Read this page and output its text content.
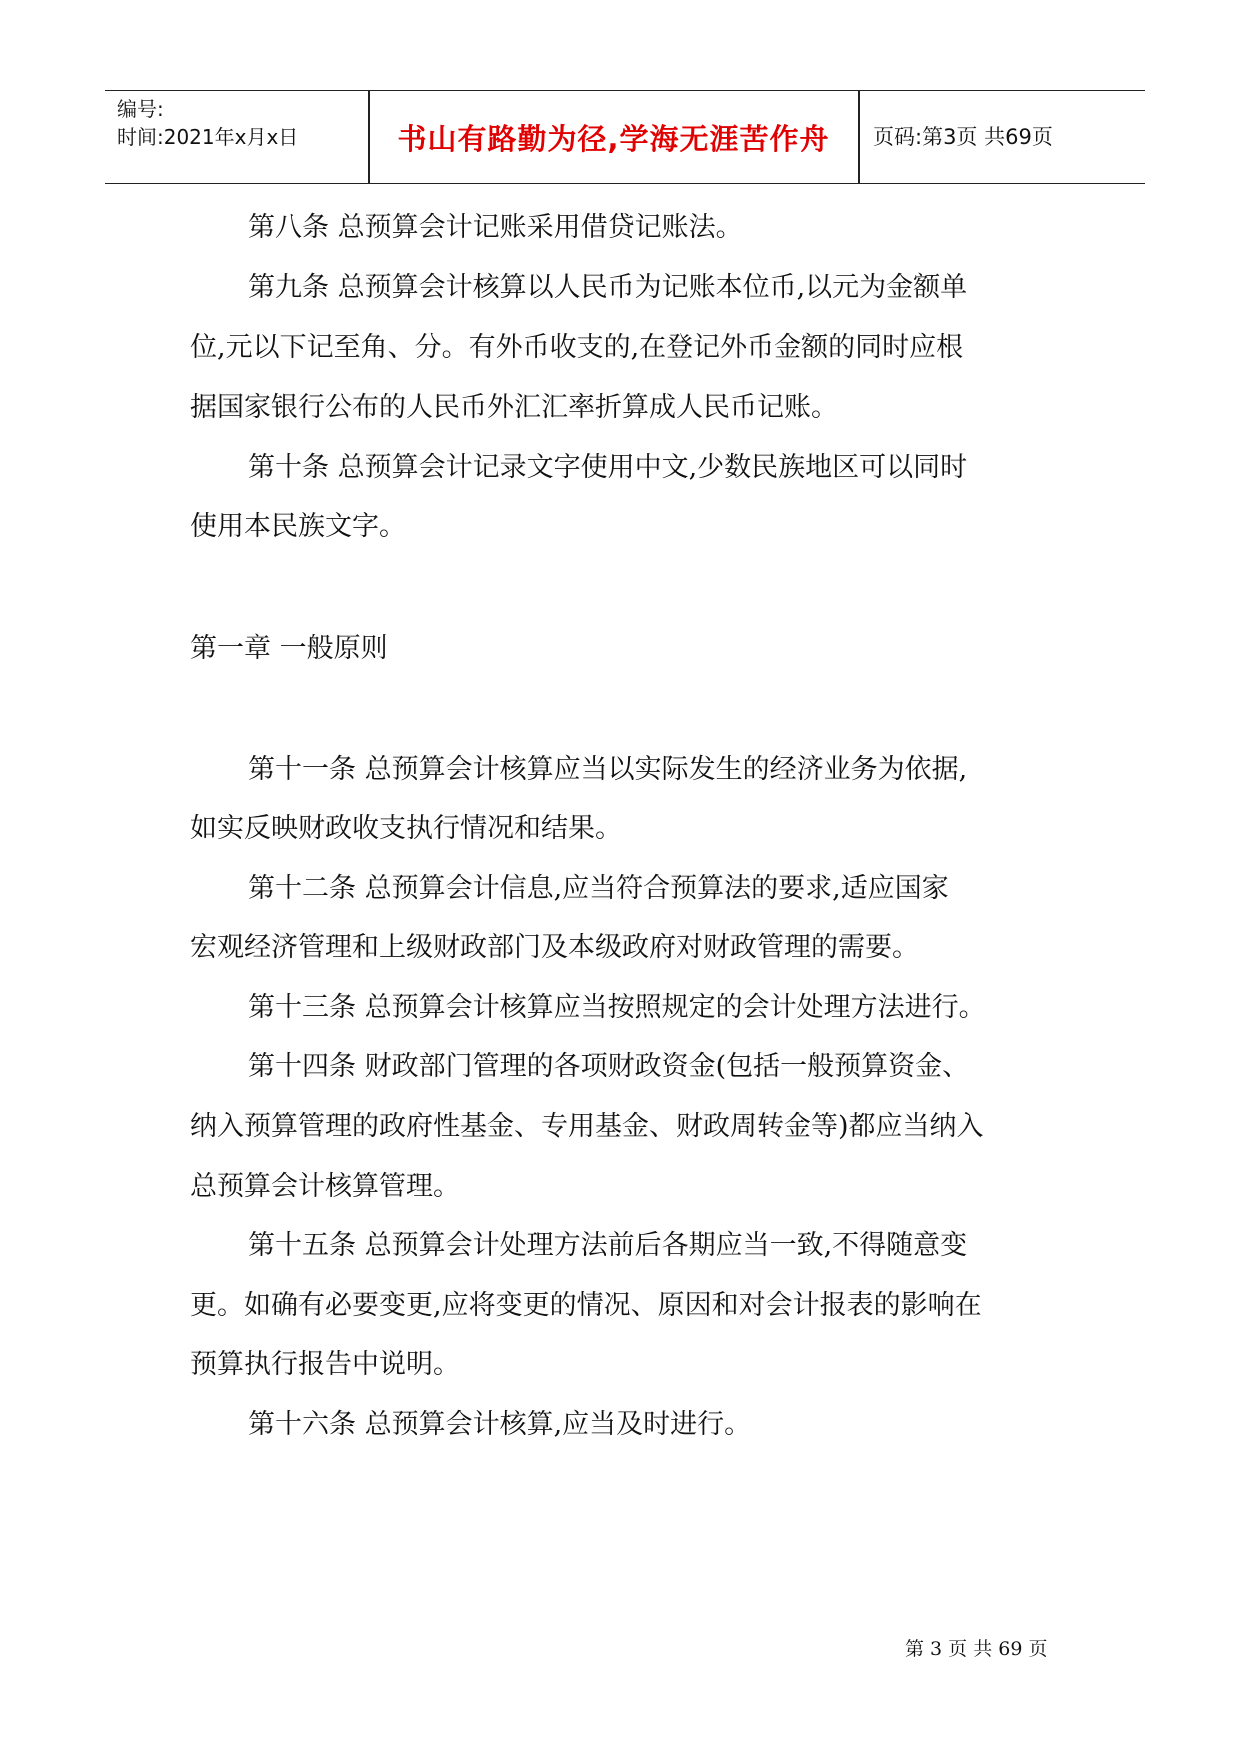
编号:
时间:2021年x月x日	书山有路勤为径,学海无涯苦作舟	页码:第3页 共69页
第八条 总预算会计记账采用借贷记账法。
第九条 总预算会计核算以人民币为记账本位币,以元为金额单
位,元以下记至角、分。有外币收支的,在登记外币金额的同时应根
据国家银行公布的人民币外汇汇率折算成人民币记账。
第十条 总预算会计记录文字使用中文,少数民族地区可以同时
使用本民族文字。
第一章 一般原则
第十一条 总预算会计核算应当以实际发生的经济业务为依据,
如实反映财政收支执行情况和结果。
第十二条 总预算会计信息,应当符合预算法的要求,适应国家
宏观经济管理和上级财政部门及本级政府对财政管理的需要。
第十三条 总预算会计核算应当按照规定的会计处理方法进行。
第十四条 财政部门管理的各项财政资金(包括一般预算资金、
纳入预算管理的政府性基金、专用基金、财政周转金等)都应当纳入
总预算会计核算管理。
第十五条 总预算会计处理方法前后各期应当一致,不得随意变
更。如确有必要变更,应将变更的情况、原因和对会计报表的影响在
预算执行报告中说明。
第十六条 总预算会计核算,应当及时进行。
第 3 页 共 69 页
